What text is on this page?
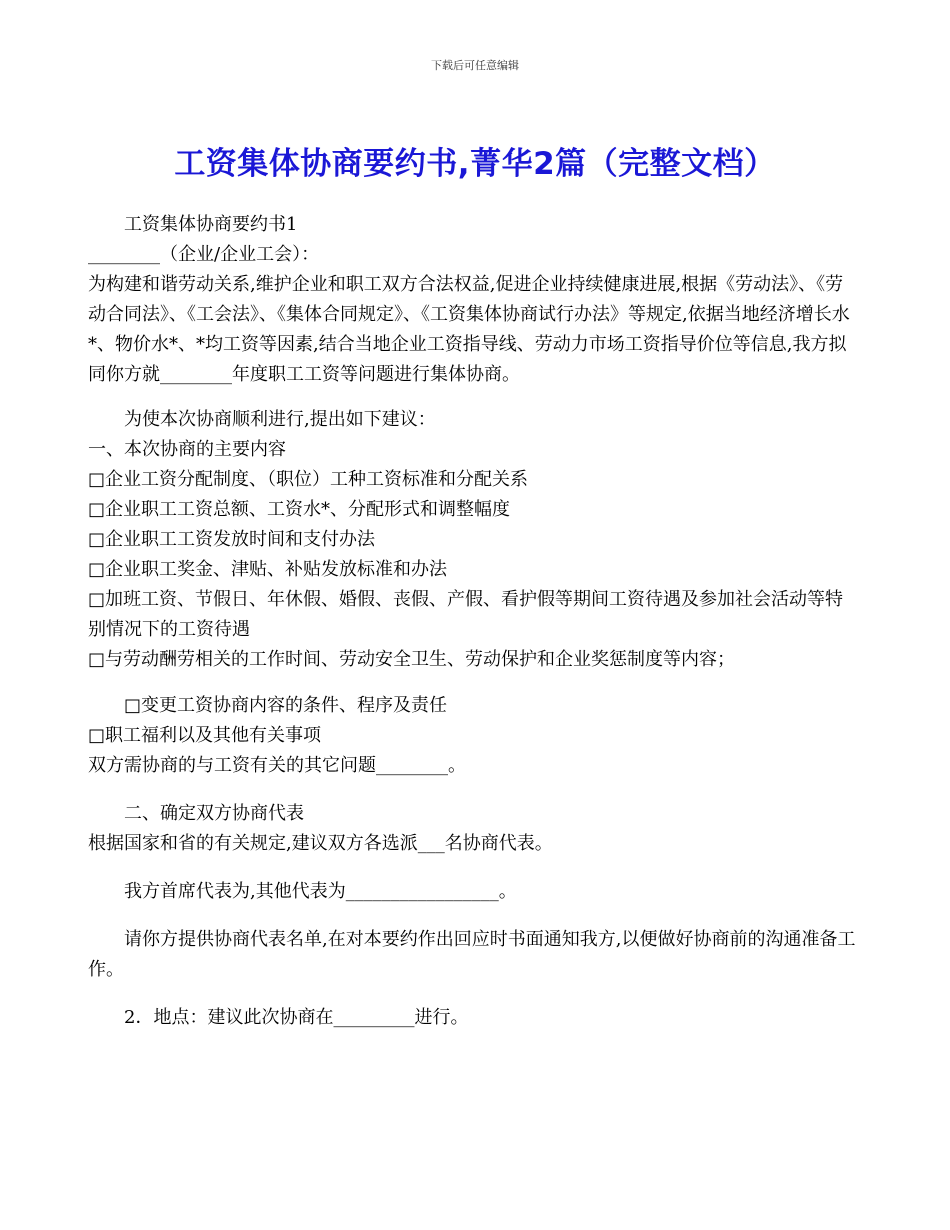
下载后可任意编辑
工资集体协商要约书,菁华2篇（完整文档）

工资集体协商要约书1

________（企业/企业工会）：

为构建和谐劳动关系,维护企业和职工双方合法权益,促进企业持续健康进展,根据《劳动法》、《劳动合同法》、《工会法》、《集体合同规定》、《工资集体协商试行办法》等规定,依据当地经济增长水*、物价水*、*均工资等因素,结合当地企业工资指导线、劳动力市场工资指导价位等信息,我方拟同你方就________年度职工工资等问题进行集体协商。

为使本次协商顺利进行,提出如下建议：

一、本次协商的主要内容

□企业工资分配制度、（职位）工种工资标准和分配关系

□企业职工工资总额、工资水*、分配形式和调整幅度

□企业职工工资发放时间和支付办法

□企业职工奖金、津贴、补贴发放标准和办法

□加班工资、节假日、年休假、婚假、丧假、产假、看护假等期间工资待遇及参加社会活动等特别情况下的工资待遇

□与劳动酬劳相关的工作时间、劳动安全卫生、劳动保护和企业奖惩制度等内容；

□变更工资协商内容的条件、程序及责任

□职工福利以及其他有关事项

双方需协商的与工资有关的其它问题________。

二、确定双方协商代表

根据国家和省的有关规定,建议双方各选派___名协商代表。

我方首席代表为,其他代表为_________________。

请你方提供协商代表名单,在对本要约作出回应时书面通知我方,以便做好协商前的沟通准备工作。

2．地点：建议此次协商在_________进行。
